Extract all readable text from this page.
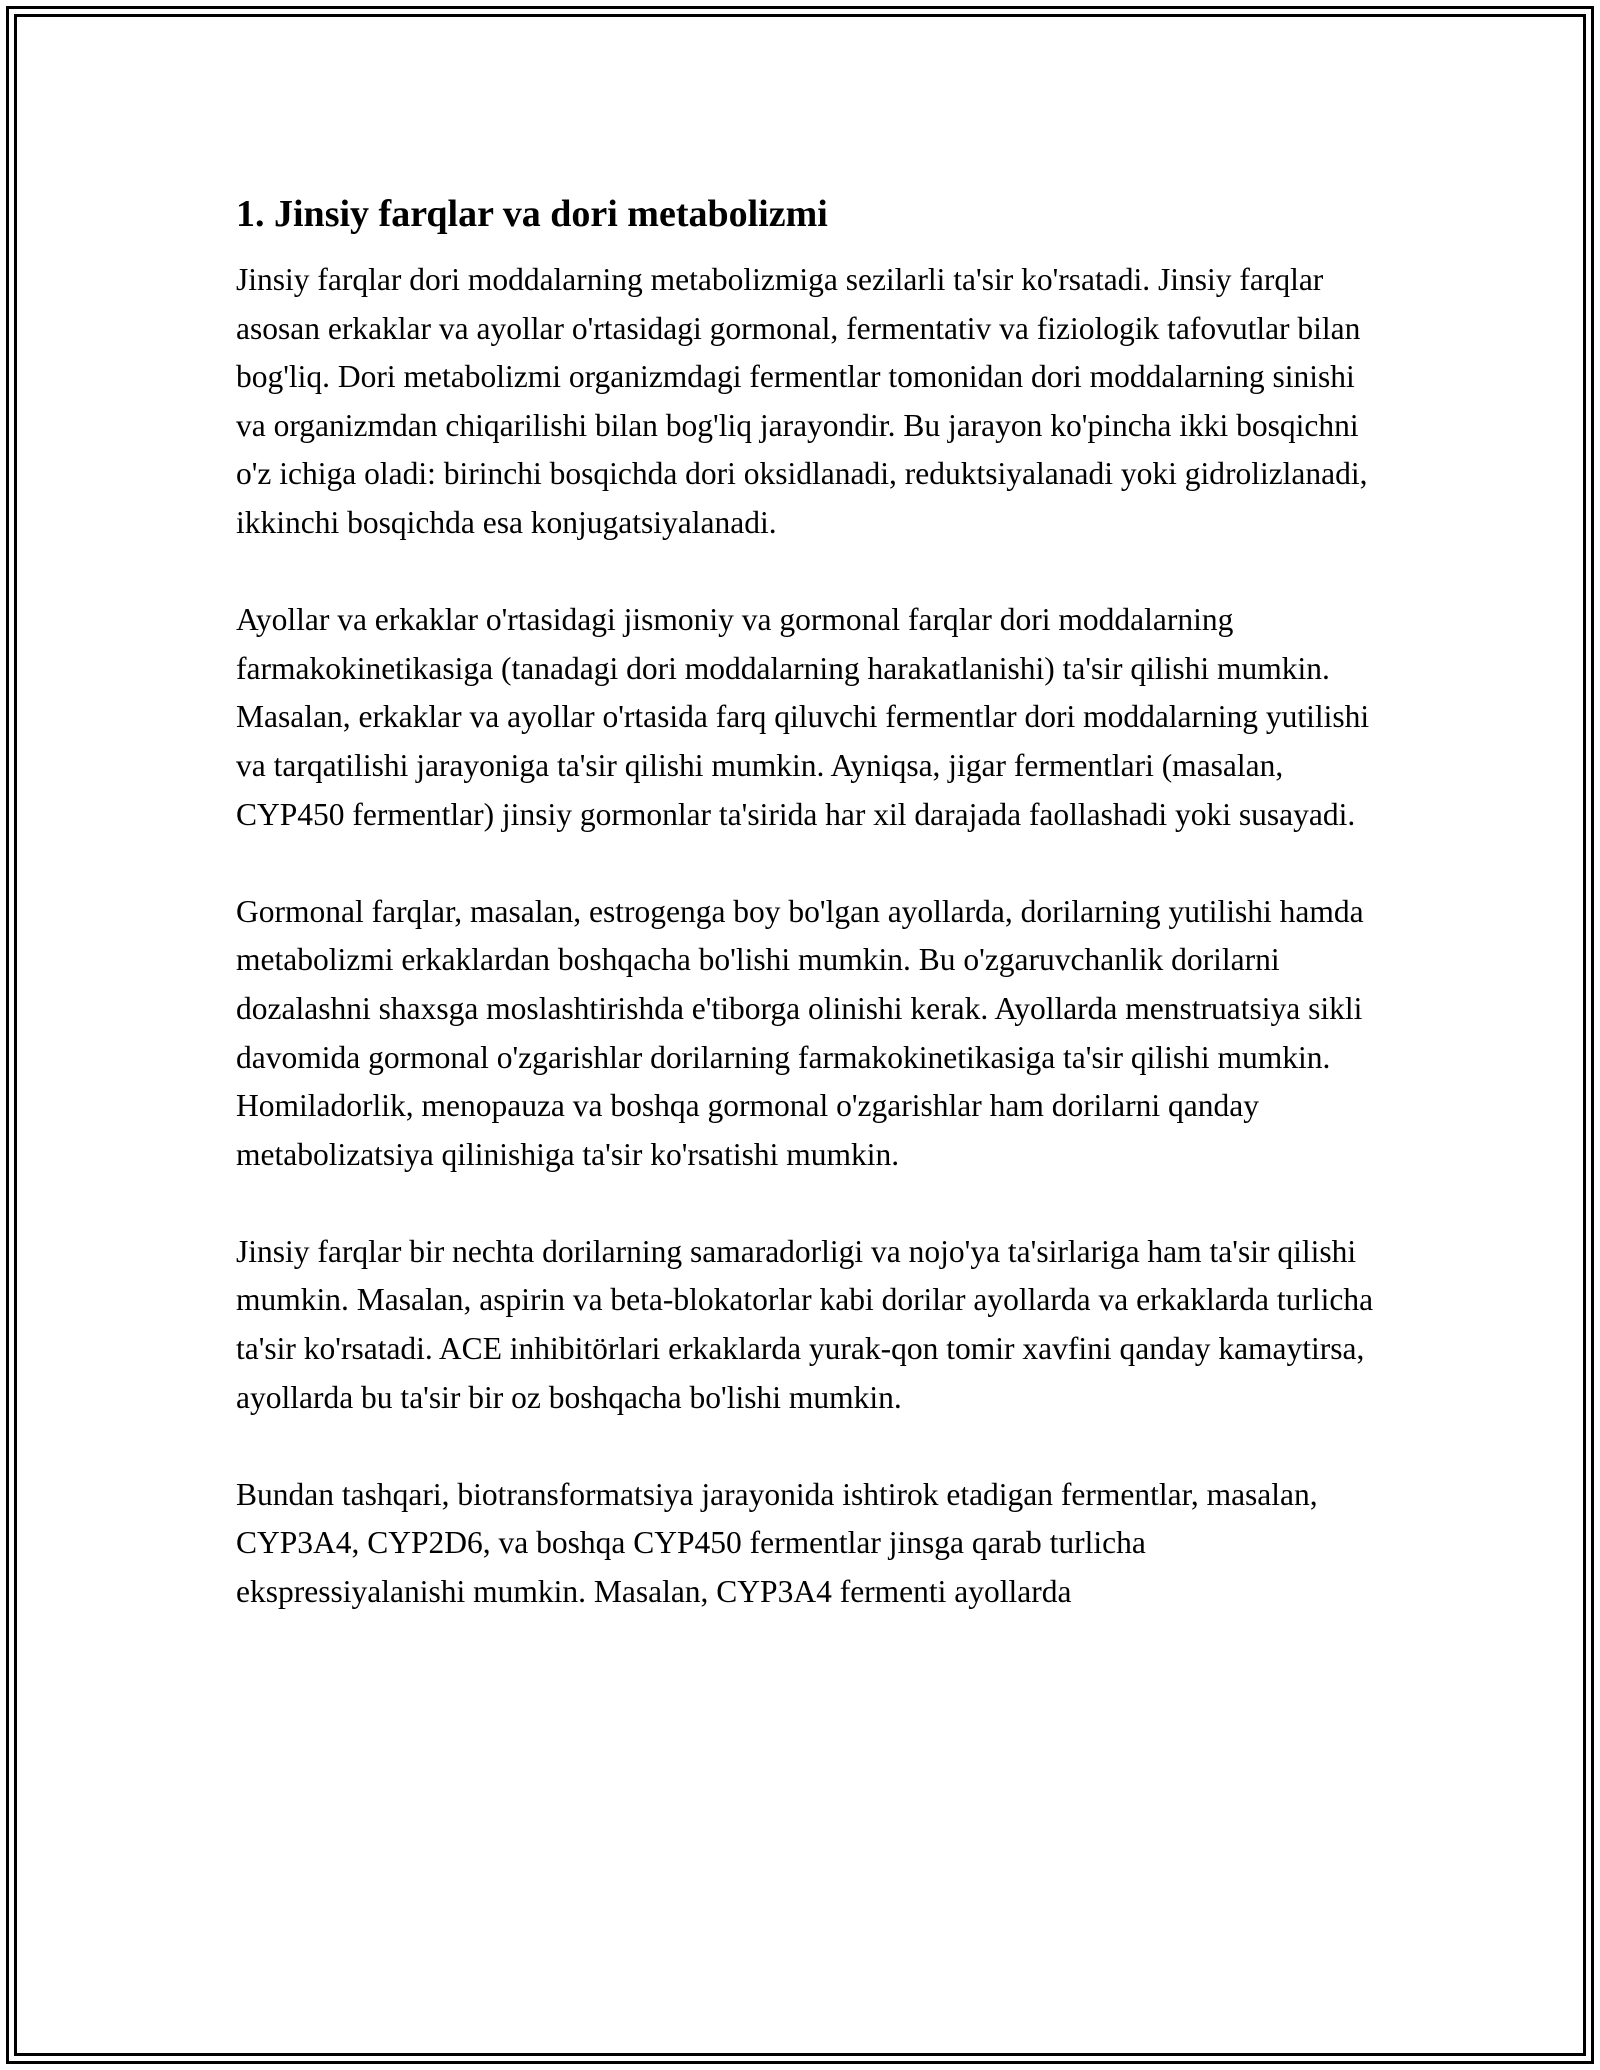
1. Jinsiy farqlar va dori metabolizmi

Jinsiy farqlar dori moddalarning metabolizmiga sezilarli ta'sir ko'rsatadi. Jinsiy farqlar asosan erkaklar va ayollar o'rtasidagi gormonal, fermentativ va fiziologik tafovutlar bilan bog'liq. Dori metabolizmi organizmdagi fermentlar tomonidan dori moddalarning sinishi va organizmdan chiqarilishi bilan bog'liq jarayondir. Bu jarayon ko'pincha ikki bosqichni o'z ichiga oladi: birinchi bosqichda dori oksidlanadi, reduktsiyalanadi yoki gidrolizlanadi, ikkinchi bosqichda esa konjugatsiyalanadi.

Ayollar va erkaklar o'rtasidagi jismoniy va gormonal farqlar dori moddalarning farmakokinetikasiga (tanadagi dori moddalarning harakatlanishi) ta'sir qilishi mumkin. Masalan, erkaklar va ayollar o'rtasida farq qiluvchi fermentlar dori moddalarning yutilishi va tarqatilishi jarayoniga ta'sir qilishi mumkin. Ayniqsa, jigar fermentlari (masalan, CYP450 fermentlar) jinsiy gormonlar ta'sirida har xil darajada faollashadi yoki susayadi.

Gormonal farqlar, masalan, estrogenga boy bo'lgan ayollarda, dorilarning yutilishi hamda metabolizmi erkaklardan boshqacha bo'lishi mumkin. Bu o'zgaruvchanlik dorilarni dozalashni shaxsga moslashtirishda e'tiborga olinishi kerak. Ayollarda menstruatsiya sikli davomida gormonal o'zgarishlar dorilarning farmakokinetikasiga ta'sir qilishi mumkin. Homiladorlik, menopauza va boshqa gormonal o'zgarishlar ham dorilarni qanday metabolizatsiya qilinishiga ta'sir ko'rsatishi mumkin.

Jinsiy farqlar bir nechta dorilarning samaradorligi va nojo'ya ta'sirlariga ham ta'sir qilishi mumkin. Masalan, aspirin va beta-blokatorlar kabi dorilar ayollarda va erkaklarda turlicha ta'sir ko'rsatadi. ACE inhibitörlari erkaklarda yurak-qon tomir xavfini qanday kamaytirsa, ayollarda bu ta'sir bir oz boshqacha bo'lishi mumkin.

Bundan tashqari, biotransformatsiya jarayonida ishtirok etadigan fermentlar, masalan, CYP3A4, CYP2D6, va boshqa CYP450 fermentlar jinsga qarab turlicha ekspressiyalanishi mumkin. Masalan, CYP3A4 fermenti ayollarda
